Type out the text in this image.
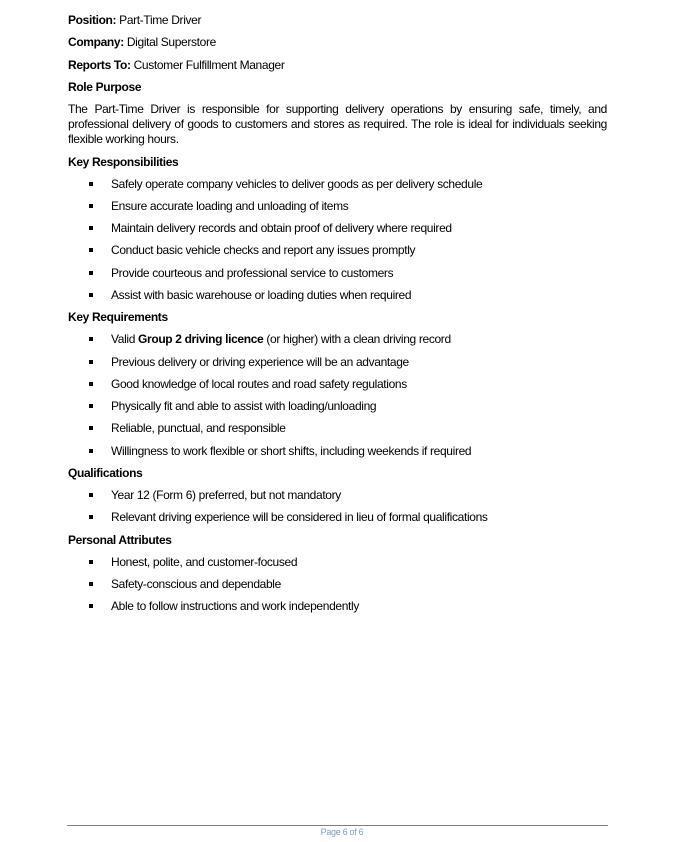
Position: Part-Time Driver
Company: Digital Superstore
Reports To: Customer Fulfillment Manager
Role Purpose
The Part-Time Driver is responsible for supporting delivery operations by ensuring safe, timely, and professional delivery of goods to customers and stores as required. The role is ideal for individuals seeking flexible working hours.
Key Responsibilities
Safely operate company vehicles to deliver goods as per delivery schedule
Ensure accurate loading and unloading of items
Maintain delivery records and obtain proof of delivery where required
Conduct basic vehicle checks and report any issues promptly
Provide courteous and professional service to customers
Assist with basic warehouse or loading duties when required
Key Requirements
Valid Group 2 driving licence (or higher) with a clean driving record
Previous delivery or driving experience will be an advantage
Good knowledge of local routes and road safety regulations
Physically fit and able to assist with loading/unloading
Reliable, punctual, and responsible
Willingness to work flexible or short shifts, including weekends if required
Qualifications
Year 12 (Form 6) preferred, but not mandatory
Relevant driving experience will be considered in lieu of formal qualifications
Personal Attributes
Honest, polite, and customer-focused
Safety-conscious and dependable
Able to follow instructions and work independently
Page 6 of 6
